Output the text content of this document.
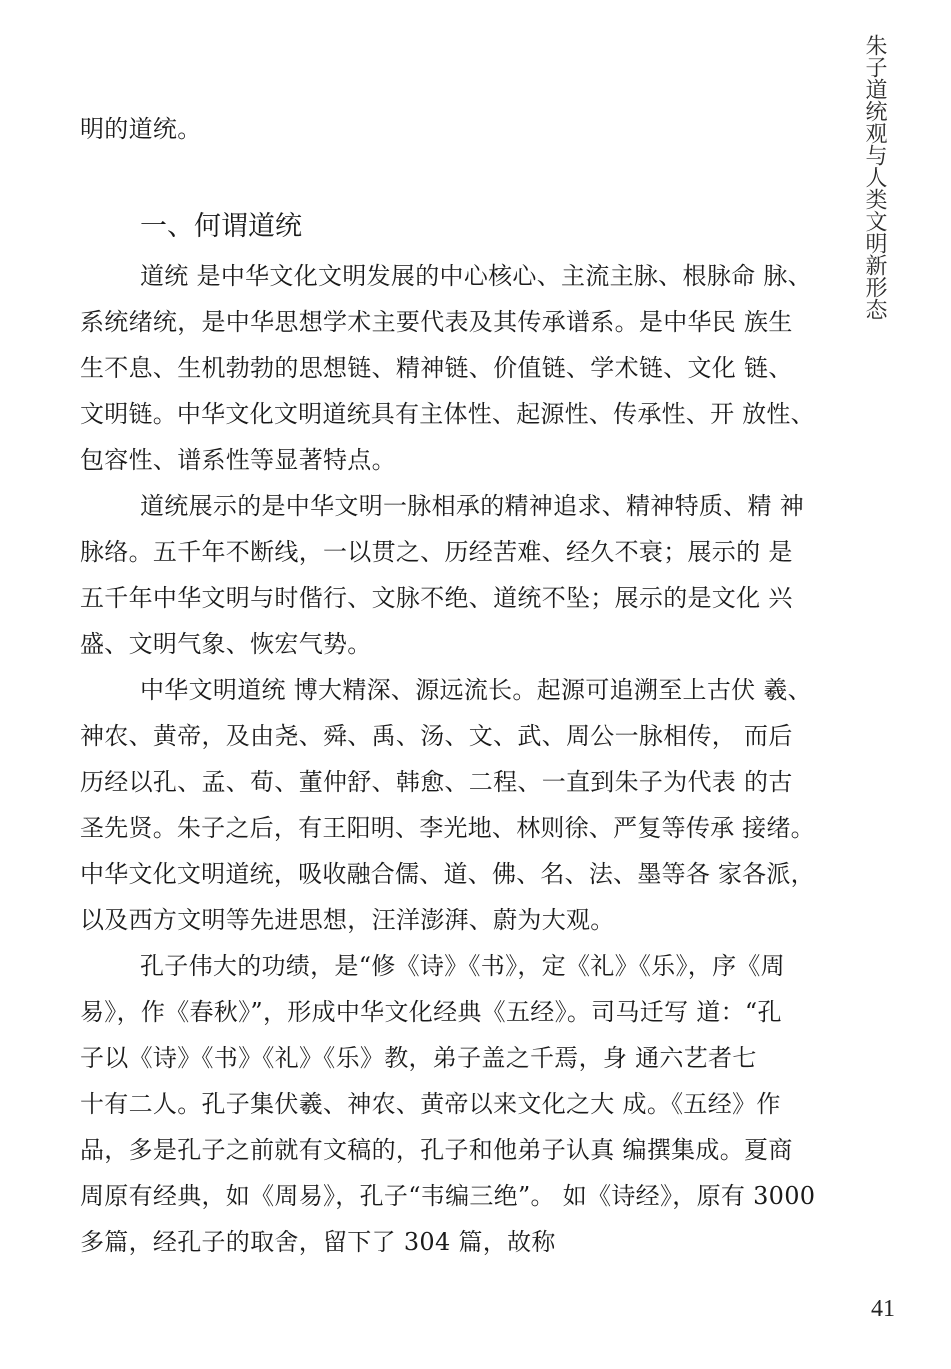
朱子道统观与人类文明新形态
明的道统。
一、何谓道统
道统 是中华文化文明发展的中心核心、主流主脉、根脉命 脉、
系统绪统，是中华思想学术主要代表及其传承谱系。是中华民 族生
生不息、生机勃勃的思想链、精神链、价值链、学术链、文化 链、
文明链。中华文化文明道统具有主体性、起源性、传承性、开 放性、
包容性、谱系性等显著特点。
道统展示的是中华文明一脉相承的精神追求、精神特质、精 神
脉络。五千年不断线，一以贯之、历经苦难、经久不衰；展示的 是
五千年中华文明与时偕行、文脉不绝、道统不坠；展示的是文化 兴
盛、文明气象、恢宏气势。
中华文明道统 博大精深、源远流长。起源可追溯至上古伏 羲、
神农、黄帝，及由尧、舜、禹、汤、文、武、周公一脉相传， 而后
历经以孔、孟、荀、董仲舒、韩愈、二程、一直到朱子为代表 的古
圣先贤。朱子之后，有王阳明、李光地、林则徐、严复等传承 接绪。
中华文化文明道统，吸收融合儒、道、佛、名、法、墨等各 家各派，
以及西方文明等先进思想，汪洋澎湃、蔚为大观。
孔子伟大的功绩，是“修《诗》《书》，定《礼》《乐》，序《周
易》，作《春秋》”，形成中华文化经典《五经》。司马迁写 道：“孔
子以《诗》《书》《礼》《乐》教，弟子盖之千焉，身 通六艺者七
十有二人。孔子集伏羲、神农、黄帝以来文化之大 成。《五经》作
品，多是孔子之前就有文稿的，孔子和他弟子认真 编撰集成。夏商
周原有经典，如《周易》，孔子“韦编三绝”。 如《诗经》，原有 3000
多篇，经孔子的取舍，留下了 304 篇，故称
41
